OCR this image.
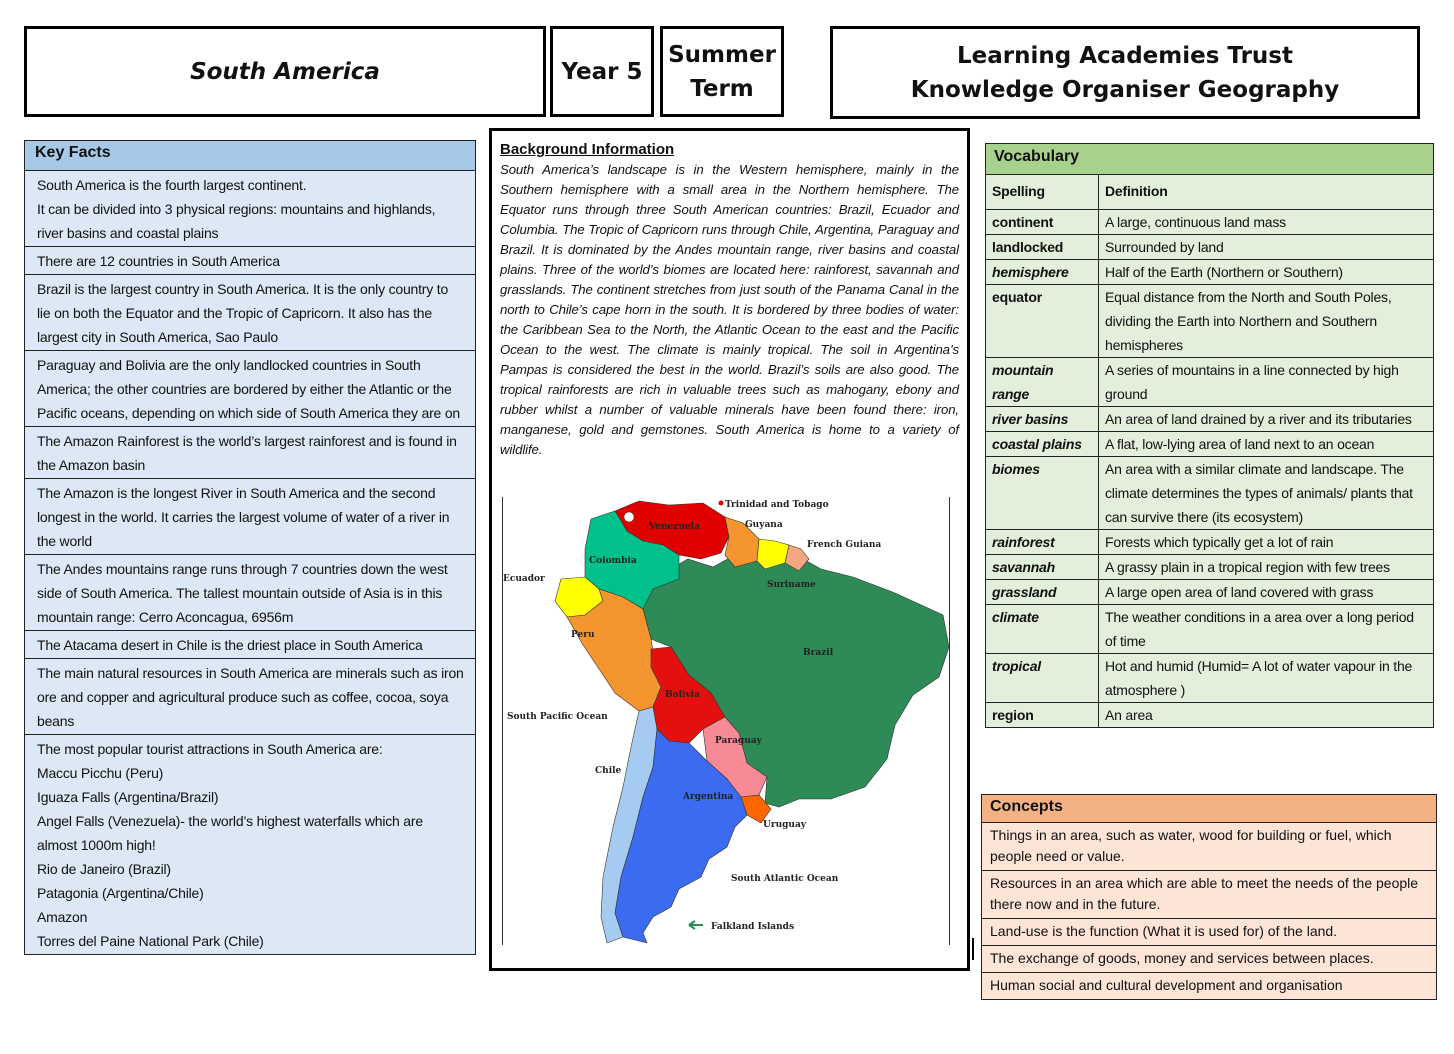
South America	Year 5
Summer
Term
Learning Academies Trust
Knowledge Organiser Geography
Key Facts
South America is the fourth largest continent.
It can be divided into 3 physical regions: mountains and highlands, river basins and coastal plains
There are 12 countries in South America
Brazil is the largest country in South America. It is the only country to lie on both the Equator and the Tropic of Capricorn. It also has the largest city in South America, Sao Paulo
Paraguay and Bolivia are the only landlocked countries in South America; the other countries are bordered by either the Atlantic or the Pacific oceans, depending on which side of South America they are on
The Amazon Rainforest is the world’s largest rainforest and is found in the Amazon basin
The Amazon is the longest River in South America and the second longest in the world. It carries the largest volume of water of a river in the world
The Andes mountains range runs through 7 countries down the west side of South America. The tallest mountain outside of Asia is in this mountain range: Cerro Aconcagua, 6956m
The Atacama desert in Chile is the driest place in South America
The main natural resources in South America are minerals such as iron ore and copper and agricultural produce such as coffee, cocoa, soya beans
The most popular tourist attractions in South America are:
Maccu Picchu (Peru)
Iguaza Falls (Argentina/Brazil)
Angel Falls (Venezuela)- the world’s highest waterfalls which are almost 1000m high!
Rio de Janeiro (Brazil)
Patagonia (Argentina/Chile)
Amazon
Torres del Paine National Park (Chile)
Background Information
South America’s landscape is in the Western hemisphere, mainly in the Southern hemisphere with a small area in the Northern hemisphere. The Equator runs through three South American countries: Brazil, Ecuador and Columbia. The Tropic of Capricorn runs through Chile, Argentina, Paraguay and Brazil. It is dominated by the Andes mountain range, river basins and coastal plains. Three of the world’s biomes are located here: rainforest, savannah and grasslands. The continent stretches from just south of the Panama Canal in the north to Chile’s cape horn in the south. It is bordered by three bodies of water: the Caribbean Sea to the North, the Atlantic Ocean to the east and the Pacific Ocean to the west. The climate is mainly tropical. The soil in Argentina’s Pampas is considered the best in the world. Brazil’s soils are also good. The tropical rainforests are rich in valuable trees such as mahogany, ebony and rubber whilst a number of valuable minerals have been found there: iron, manganese, gold and gemstones. South America is home to a variety of wildlife.
Trinidad and Tobago
Venezuela	Guyana
French Guiana
Colombia
Suriname
Ecuador
Peru
Brazil
Bolivia
South Pacific Ocean
Paraguay
Chile
Argentina
Uruguay
South Atlantic Ocean
Falkland Islands
Vocabulary
Spelling	Definition
continent	A large, continuous land mass
landlocked	Surrounded by land
hemisphere	Half of the Earth (Northern or Southern)
equator	Equal distance from the North and South Poles, dividing the Earth into Northern and Southern hemispheres
mountain range	A series of mountains in a line connected by high ground
river basins	An area of land drained by a river and its tributaries
coastal plains	A flat, low-lying area of land next to an ocean
biomes	An area with a similar climate and landscape. The climate determines the types of animals/ plants that can survive there (its ecosystem)
rainforest	Forests which typically get a lot of rain
savannah	A grassy plain in a tropical region with few trees
grassland	A large open area of land covered with grass
climate	The weather conditions in a area over a long period of time
tropical	Hot and humid (Humid= A lot of water vapour in the atmosphere )
region	An area
Concepts
Things in an area, such as water, wood for building or fuel, which people need or value.
Resources in an area which are able to meet the needs of the people there now and in the future.
Land-use is the function (What it is used for) of the land.
The exchange of goods, money and services between places.
Human social and cultural development and organisation
